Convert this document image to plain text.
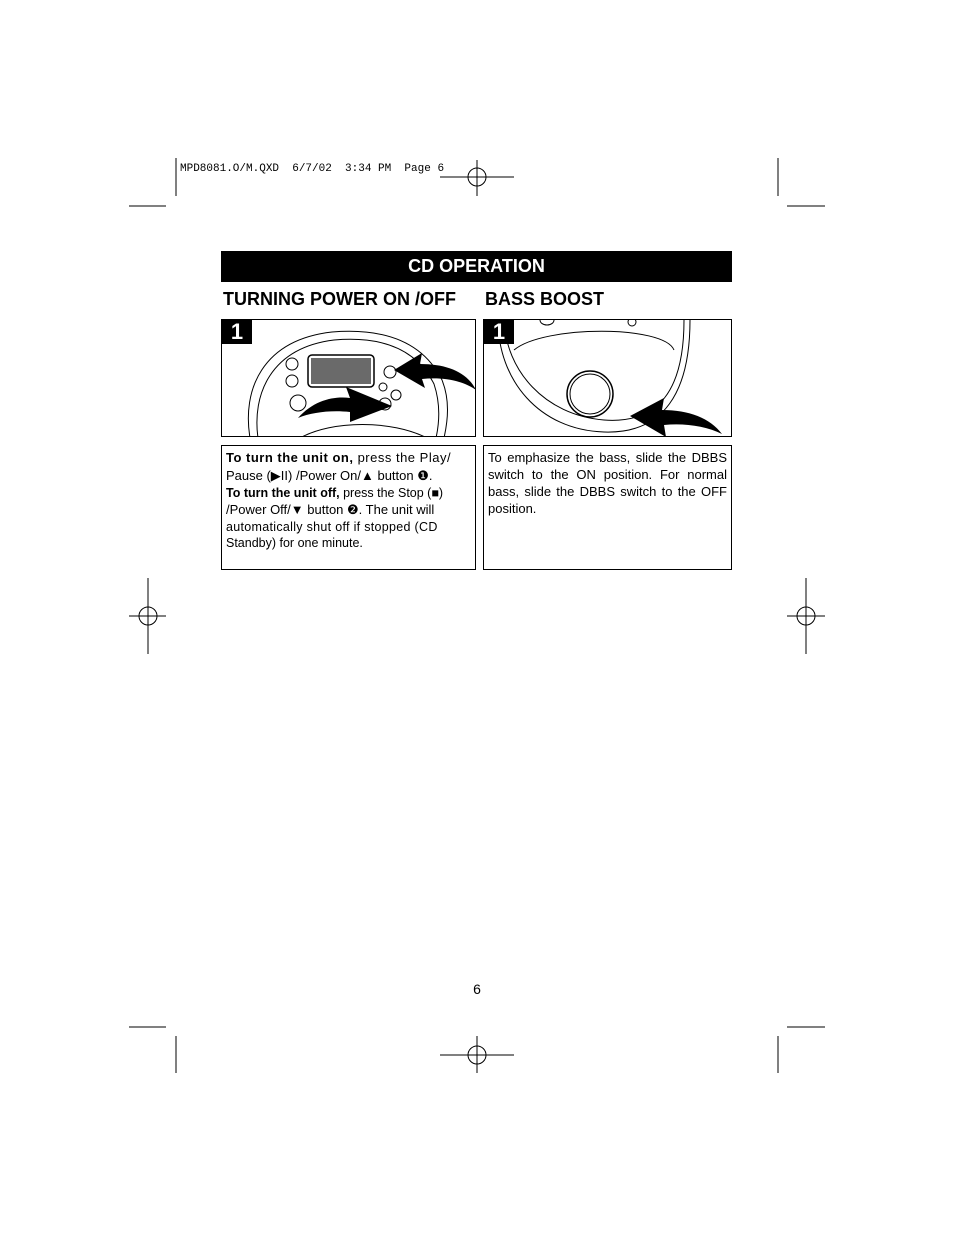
MPD8081.O/M.QXD  6/7/02  3:34 PM  Page 6
CD OPERATION
TURNING POWER ON /OFF BASS BOOST
1	1
To turn the unit on, press the Play/
Pause (▶II) /Power On/▲ button ❶.
To turn the unit off, press the Stop (■)
/Power Off/▼ button ❷. The unit will
automatically shut off if stopped (CD
Standby) for one minute.
To emphasize the bass, slide the DBBS switch to the ON position. For normal bass, slide the DBBS switch to the OFF position.
6
